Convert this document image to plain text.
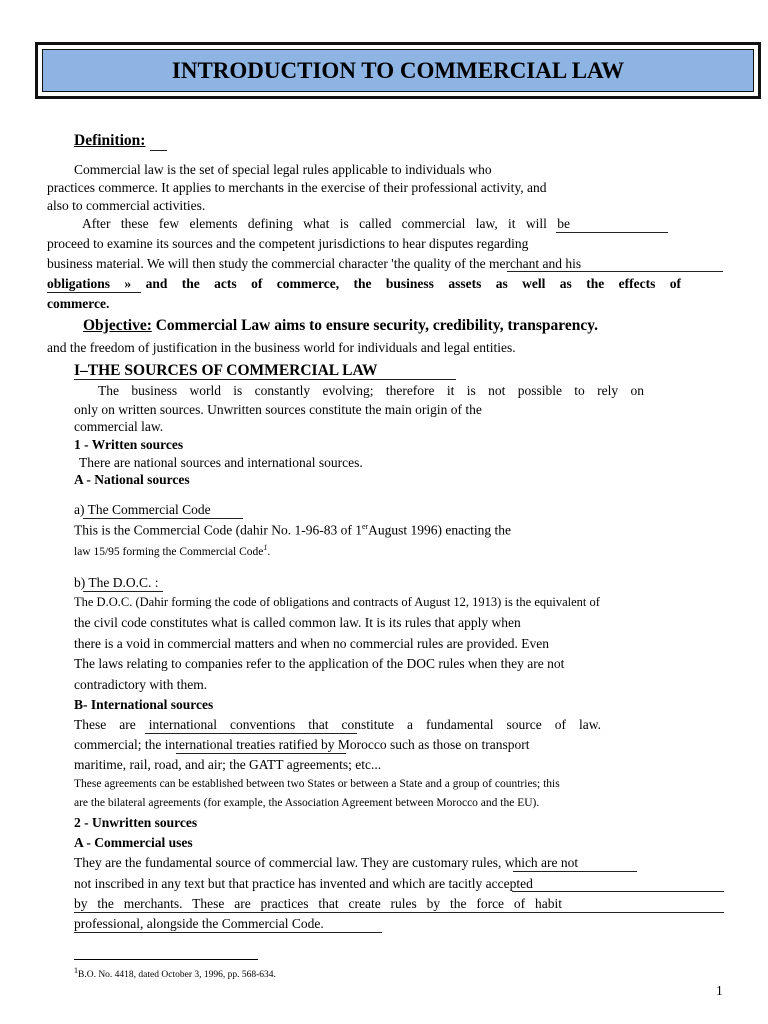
INTRODUCTION TO COMMERCIAL LAW
Definition:
Commercial law is the set of special legal rules applicable to individuals who
practices commerce. It applies to merchants in the exercise of their professional activity, and
also to commercial activities.
After these few elements defining what is called commercial law, it will be
proceed to examine its sources and the competent jurisdictions to hear disputes regarding
business material. We will then study the commercial character 'the quality of the merchant and his
obligations » and the acts of commerce, the business assets as well as the effects of
commerce.
Objective: Commercial Law aims to ensure security, credibility, transparency.
and the freedom of justification in the business world for individuals and legal entities.
I–THE SOURCES OF COMMERCIAL LAW
The business world is constantly evolving; therefore it is not possible to rely on
only on written sources. Unwritten sources constitute the main origin of the
commercial law.
1 - Written sources
There are national sources and international sources.
A - National sources
a) The Commercial Code
This is the Commercial Code (dahir No. 1-96-83 of 1erAugust 1996) enacting the
law 15/95 forming the Commercial Code$^1$.
b) The D.O.C. :
The D.O.C. (Dahir forming the code of obligations and contracts of August 12, 1913) is the equivalent of
the civil code constitutes what is called common law. It is its rules that apply when
there is a void in commercial matters and when no commercial rules are provided. Even
The laws relating to companies refer to the application of the DOC rules when they are not
contradictory with them.
B- International sources
These are international conventions that constitute a fundamental source of law.
commercial; the international treaties ratified by Morocco such as those on transport
maritime, rail, road, and air; the GATT agreements; etc...
These agreements can be established between two States or between a State and a group of countries; this
are the bilateral agreements (for example, the Association Agreement between Morocco and the EU).
2 - Unwritten sources
A - Commercial uses
They are the fundamental source of commercial law. They are customary rules, which are not
not inscribed in any text but that practice has invented and which are tacitly accepted
by the merchants. These are practices that create rules by the force of habit
professional, alongside the Commercial Code.
$^1$B.O. No. 4418, dated October 3, 1996, pp. 568-634.
1
